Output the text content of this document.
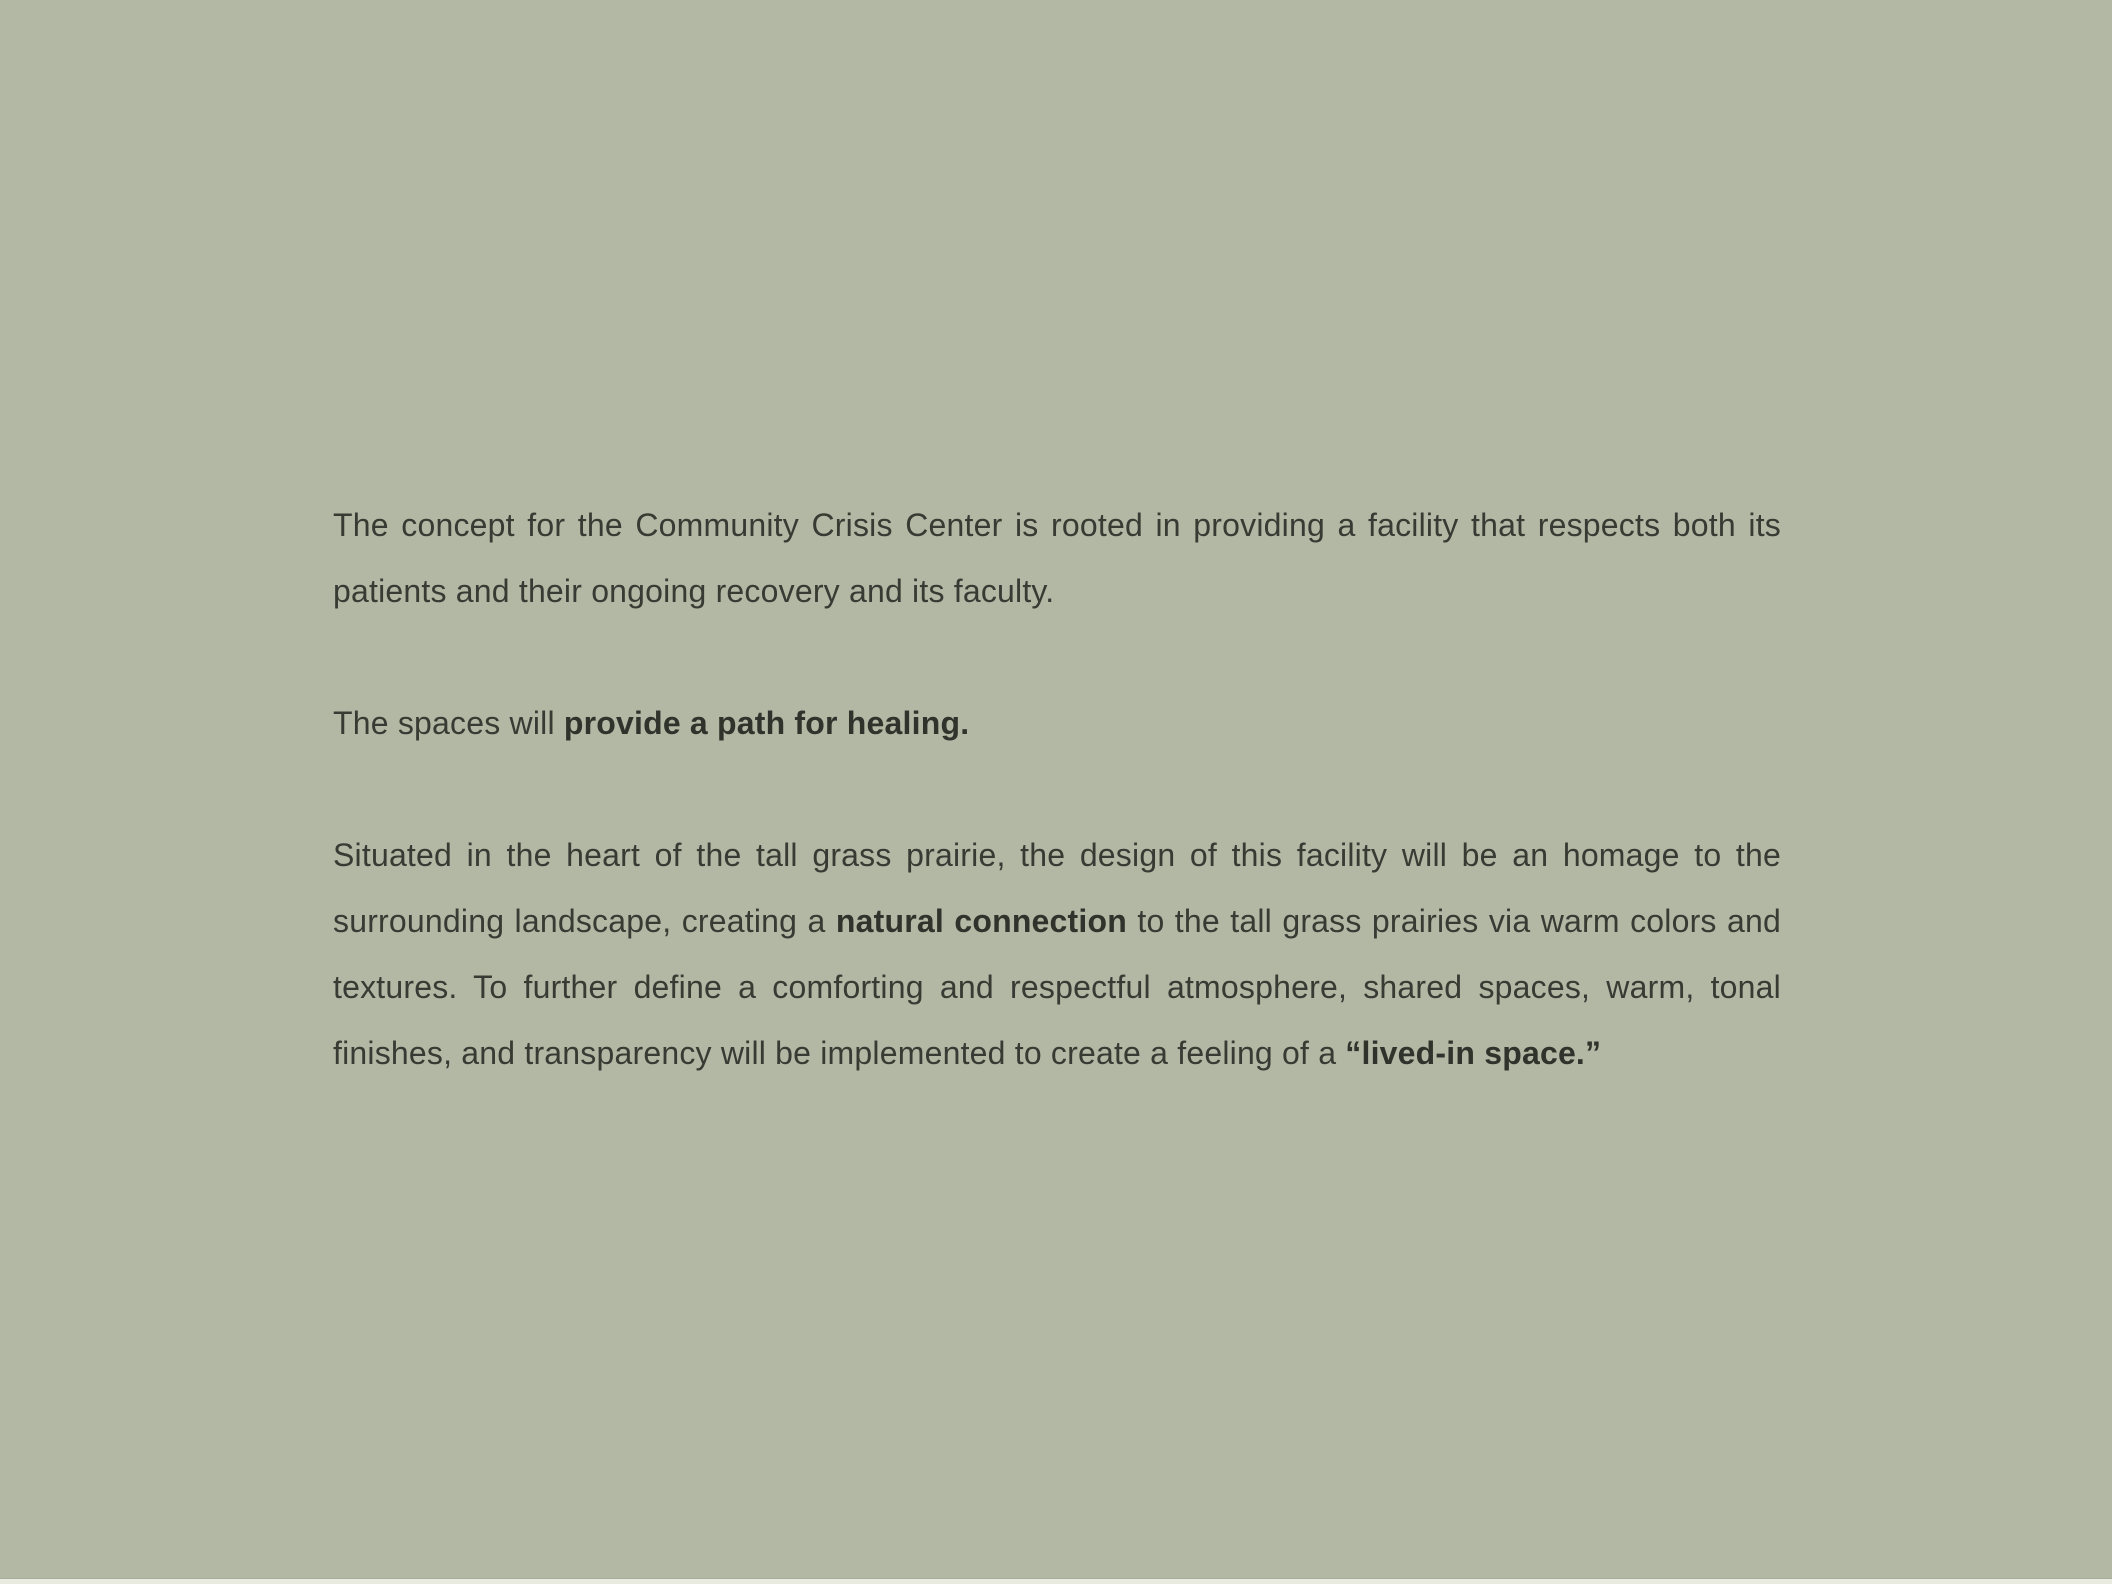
The concept for the Community Crisis Center is rooted in providing a facility that respects both its patients and their ongoing recovery and its faculty.

The spaces will provide a path for healing.

Situated in the heart of the tall grass prairie, the design of this facility will be an homage to the surrounding landscape, creating a natural connection to the tall grass prairies via warm colors and textures. To further define a comforting and respectful atmosphere, shared spaces, warm, tonal finishes, and transparency will be implemented to create a feeling of a “lived-in space.”
